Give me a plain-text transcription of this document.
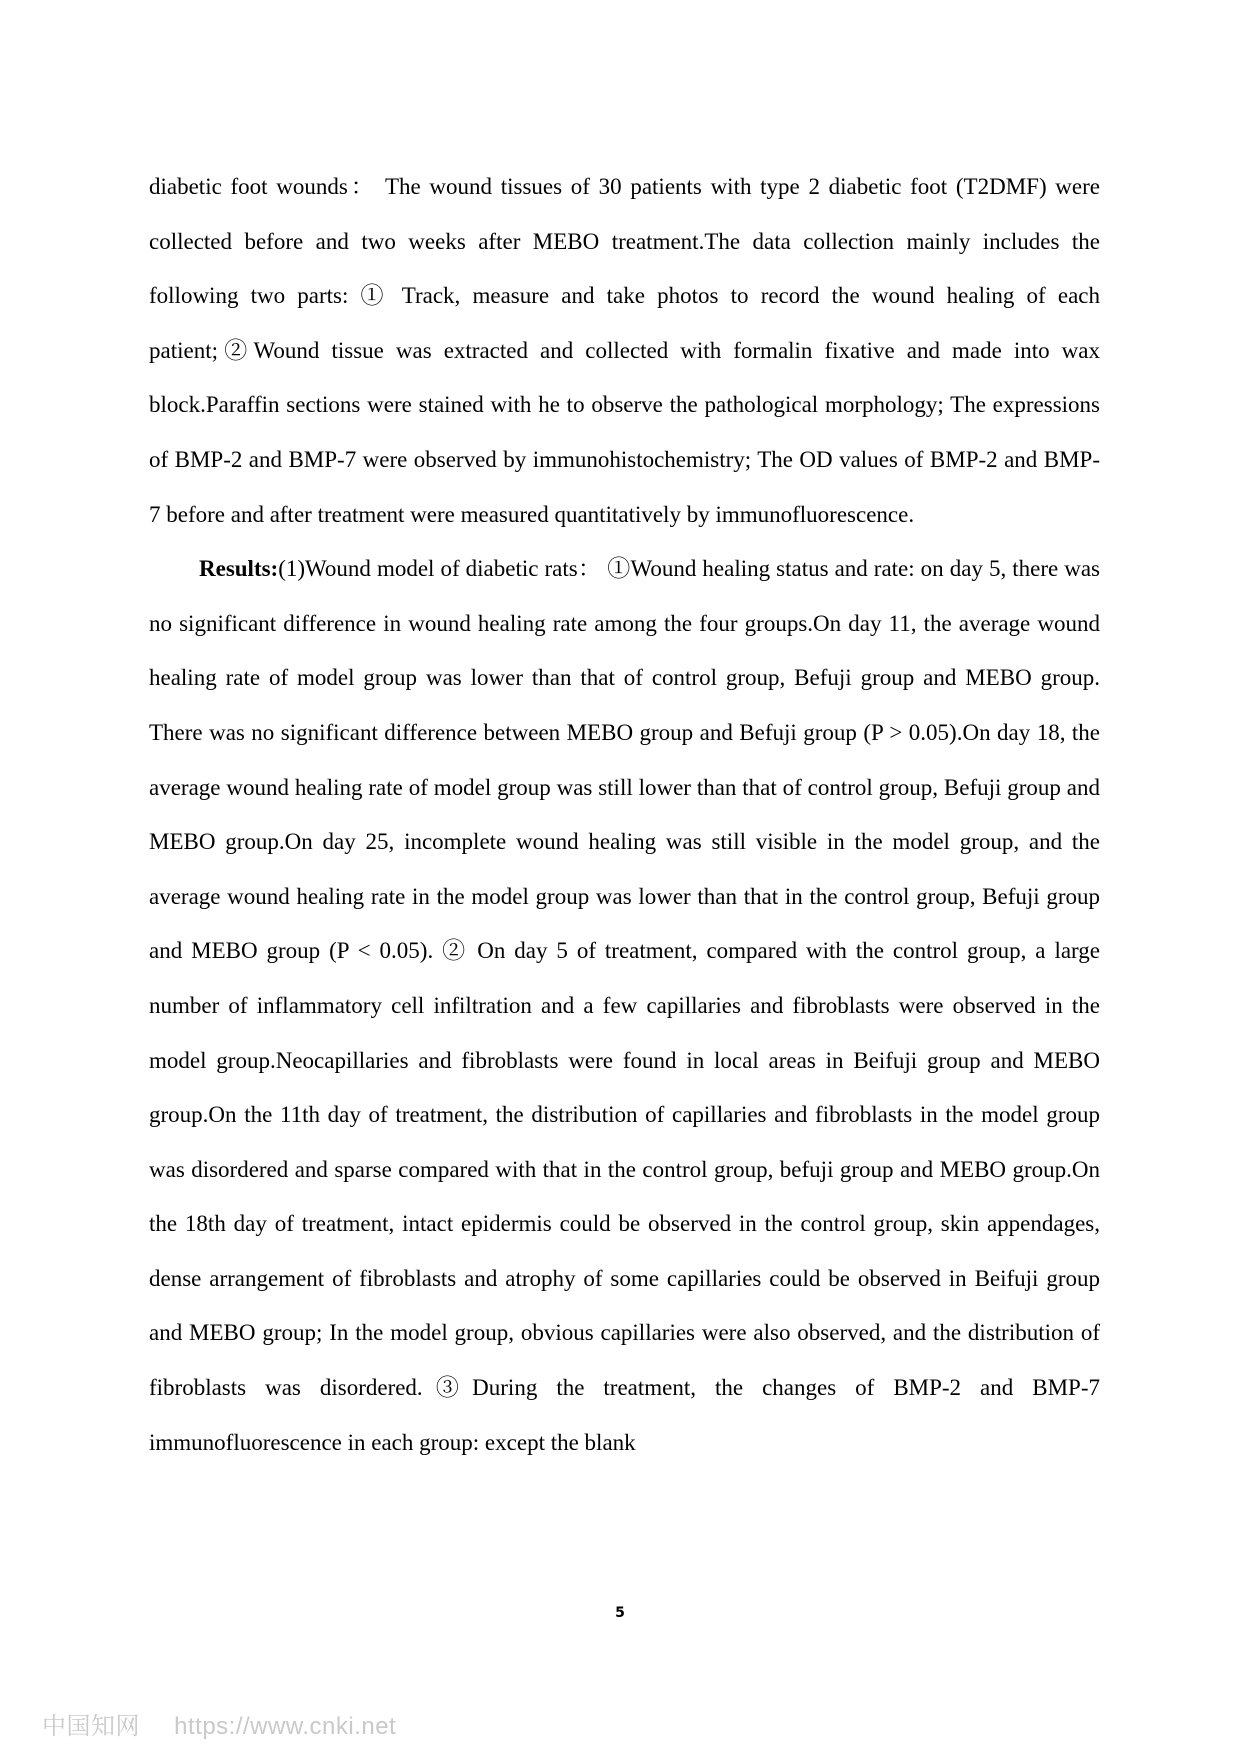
diabetic foot wounds： The wound tissues of 30 patients with type 2 diabetic foot (T2DMF) were collected before and two weeks after MEBO treatment.The data collection mainly includes the following two parts: ① Track, measure and take photos to record the wound healing of each patient;②Wound tissue was extracted and collected with formalin fixative and made into wax block.Paraffin sections were stained with he to observe the pathological morphology; The expressions of BMP-2 and BMP-7 were observed by immunohistochemistry; The OD values of BMP-2 and BMP-7 before and after treatment were measured quantitatively by immunofluorescence.

Results:(1)Wound model of diabetic rats： ①Wound healing status and rate: on day 5, there was no significant difference in wound healing rate among the four groups.On day 11, the average wound healing rate of model group was lower than that of control group, Befuji group and MEBO group. There was no significant difference between MEBO group and Befuji group (P > 0.05).On day 18, the average wound healing rate of model group was still lower than that of control group, Befuji group and MEBO group.On day 25, incomplete wound healing was still visible in the model group, and the average wound healing rate in the model group was lower than that in the control group, Befuji group and MEBO group (P < 0.05). ② On day 5 of treatment, compared with the control group, a large number of inflammatory cell infiltration and a few capillaries and fibroblasts were observed in the model group.Neocapillaries and fibroblasts were found in local areas in Beifuji group and MEBO group.On the 11th day of treatment, the distribution of capillaries and fibroblasts in the model group was disordered and sparse compared with that in the control group, befuji group and MEBO group.On the 18th day of treatment, intact epidermis could be observed in the control group, skin appendages, dense arrangement of fibroblasts and atrophy of some capillaries could be observed in Beifuji group and MEBO group; In the model group, obvious capillaries were also observed, and the distribution of fibroblasts was disordered.③During the treatment, the changes of BMP-2 and BMP-7 immunofluorescence in each group: except the blank

5
中国知网 https://www.cnki.net
